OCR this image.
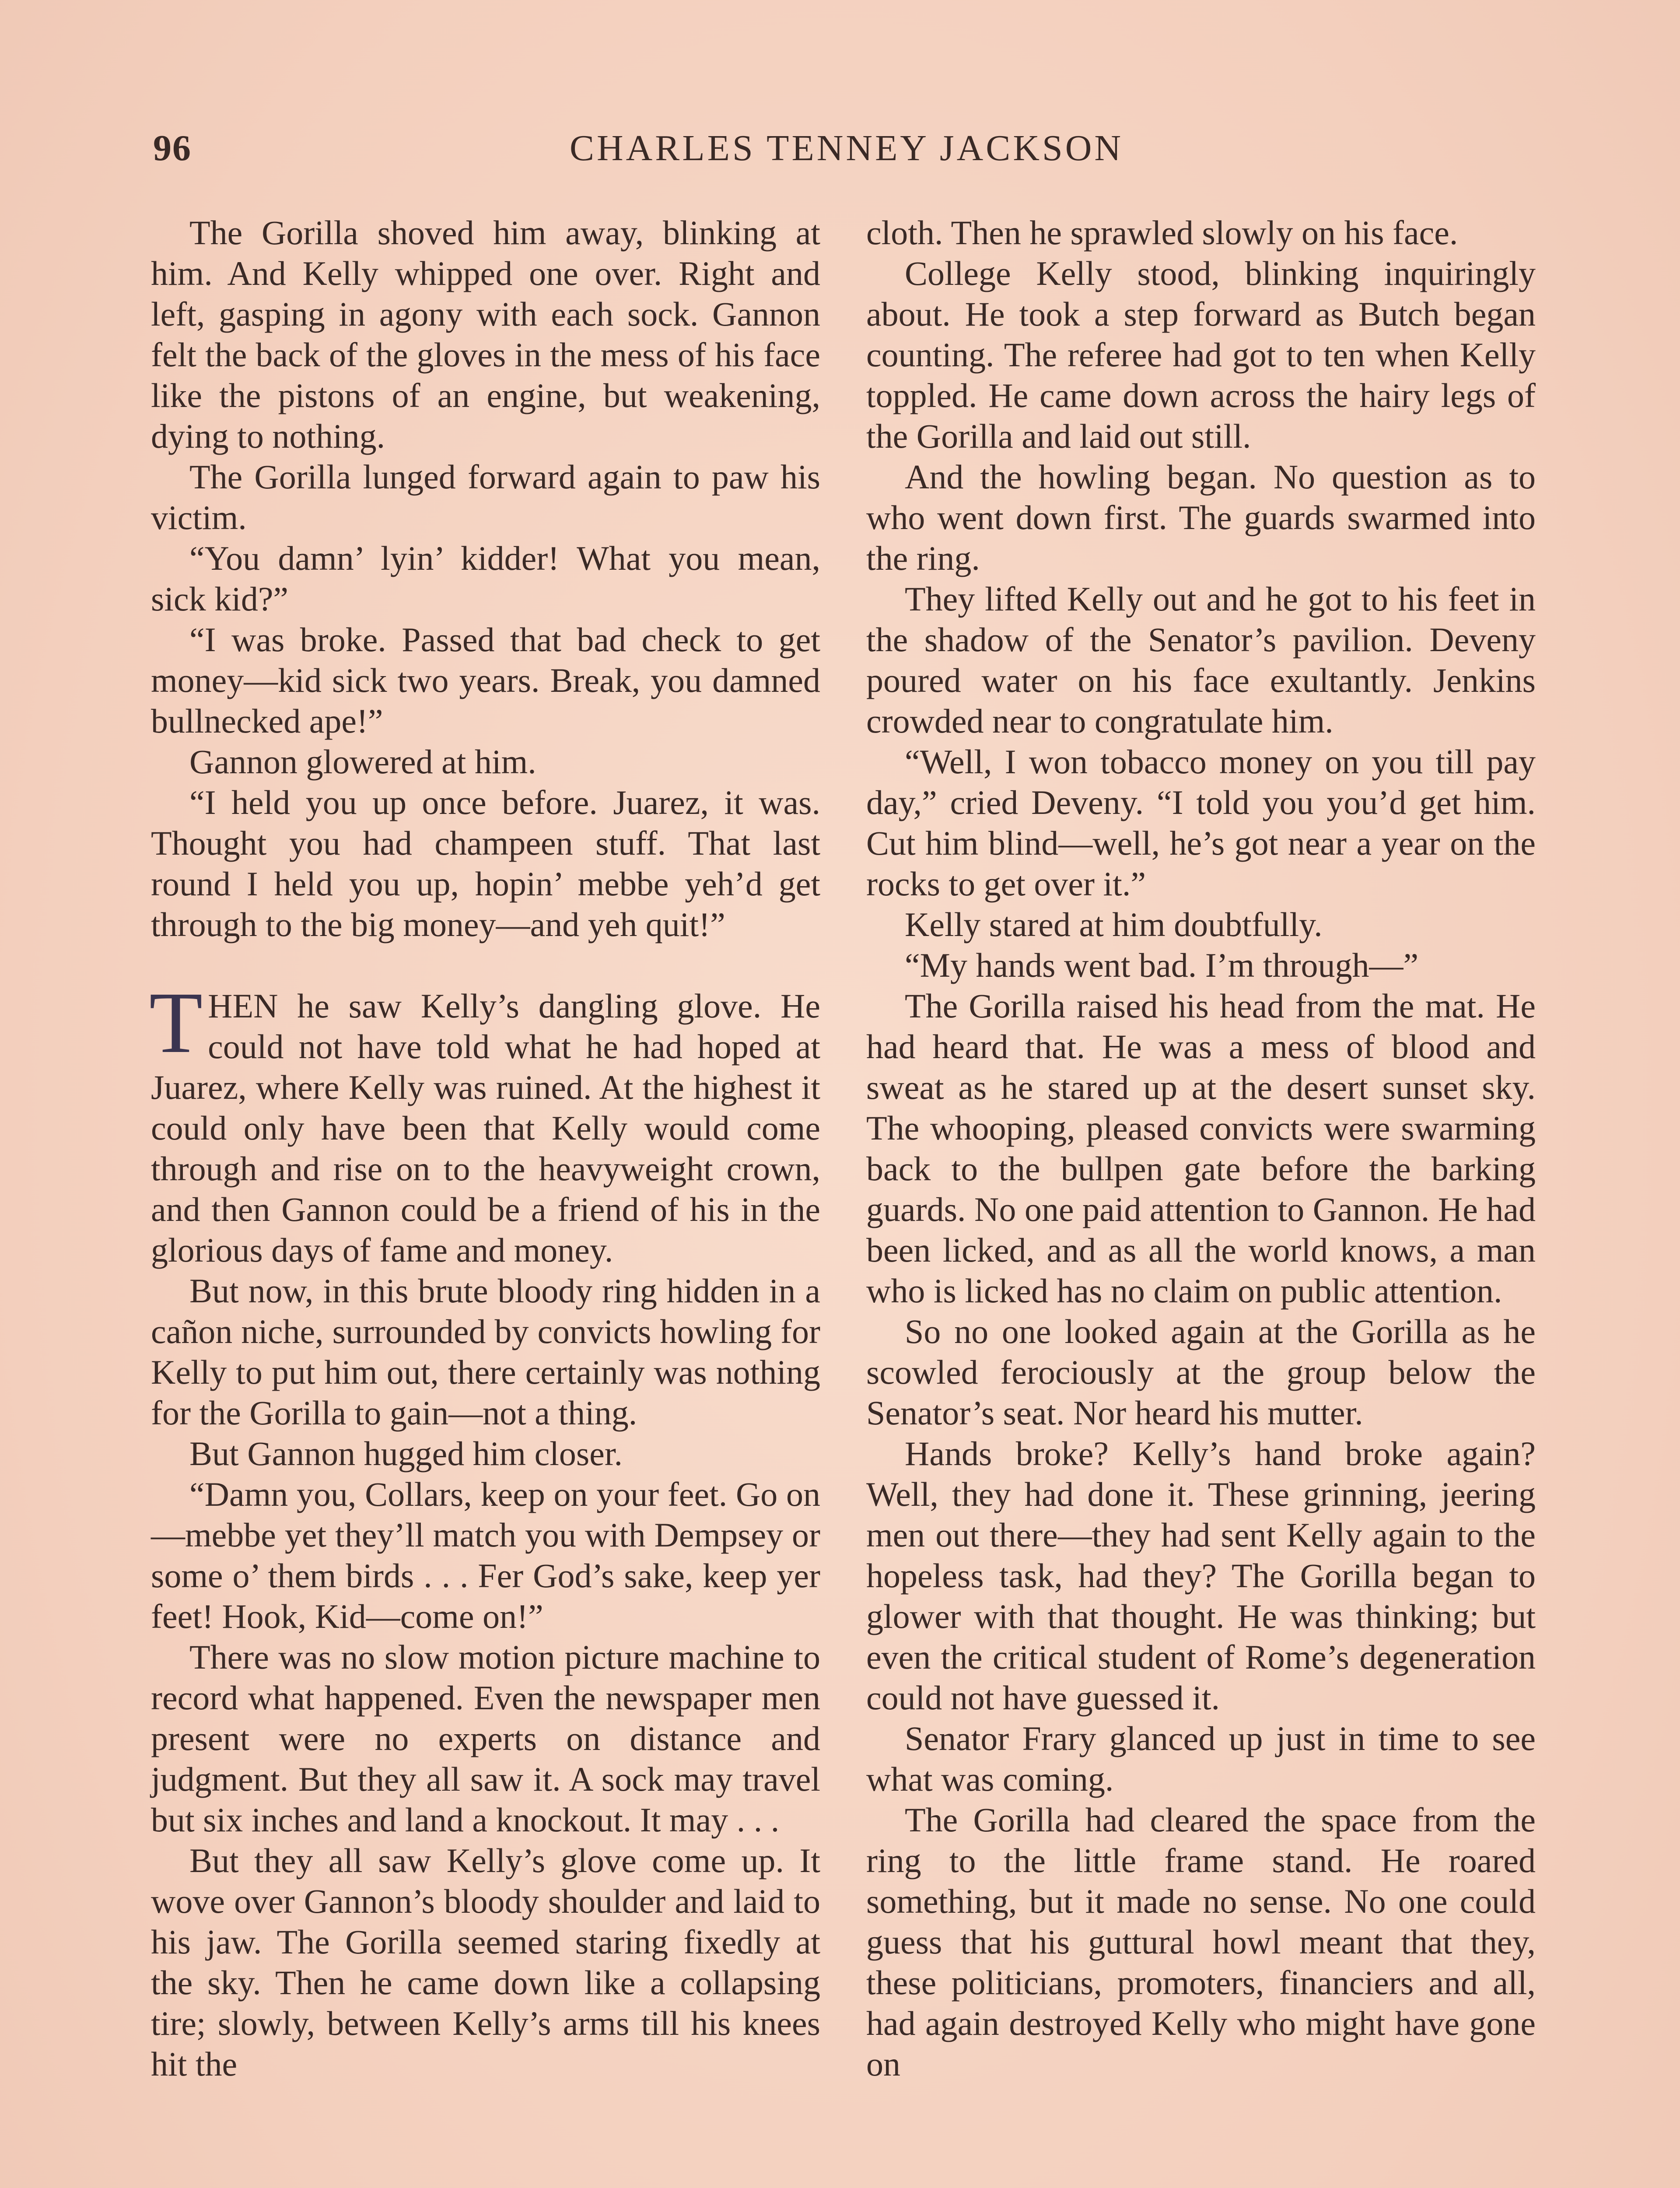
96	CHARLES TENNEY JACKSON

The Gorilla shoved him away, blinking at him. And Kelly whipped one over. Right and left, gasping in agony with each sock. Gannon felt the back of the gloves in the mess of his face like the pistons of an engine, but weakening, dying to nothing.

The Gorilla lunged forward again to paw his victim.

“You damn’ lyin’ kidder! What you mean, sick kid?”

“I was broke. Passed that bad check to get money—kid sick two years. Break, you damned bullnecked ape!”

Gannon glowered at him.

“I held you up once before. Juarez, it was. Thought you had champeen stuff. That last round I held you up, hopin’ mebbe yeh’d get through to the big money—and yeh quit!”

THEN he saw Kelly’s dangling glove. He could not have told what he had hoped at Juarez, where Kelly was ruined. At the highest it could only have been that Kelly would come through and rise on to the heavyweight crown, and then Gannon could be a friend of his in the glorious days of fame and money.

But now, in this brute bloody ring hidden in a cañon niche, surrounded by convicts howling for Kelly to put him out, there certainly was nothing for the Gorilla to gain—not a thing.

But Gannon hugged him closer.

“Damn you, Collars, keep on your feet. Go on—mebbe yet they’ll match you with Dempsey or some o’ them birds . . . Fer God’s sake, keep yer feet! Hook, Kid—come on!”

There was no slow motion picture machine to record what happened. Even the newspaper men present were no experts on distance and judgment. But they all saw it. A sock may travel but six inches and land a knockout. It may . . .

But they all saw Kelly’s glove come up. It wove over Gannon’s bloody shoulder and laid to his jaw. The Gorilla seemed staring fixedly at the sky. Then he came down like a collapsing tire; slowly, between Kelly’s arms till his knees hit the

cloth. Then he sprawled slowly on his face.

College Kelly stood, blinking inquiringly about. He took a step forward as Butch began counting. The referee had got to ten when Kelly toppled. He came down across the hairy legs of the Gorilla and laid out still.

And the howling began. No question as to who went down first. The guards swarmed into the ring.

They lifted Kelly out and he got to his feet in the shadow of the Senator’s pavilion. Deveny poured water on his face exultantly. Jenkins crowded near to congratulate him.

“Well, I won tobacco money on you till pay day,” cried Deveny. “I told you you’d get him. Cut him blind—well, he’s got near a year on the rocks to get over it.”

Kelly stared at him doubtfully.

“My hands went bad. I’m through—”

The Gorilla raised his head from the mat. He had heard that. He was a mess of blood and sweat as he stared up at the desert sunset sky. The whooping, pleased convicts were swarming back to the bullpen gate before the barking guards. No one paid attention to Gannon. He had been licked, and as all the world knows, a man who is licked has no claim on public attention.

So no one looked again at the Gorilla as he scowled ferociously at the group below the Senator’s seat. Nor heard his mutter.

Hands broke? Kelly’s hand broke again? Well, they had done it. These grinning, jeering men out there—they had sent Kelly again to the hopeless task, had they? The Gorilla began to glower with that thought. He was thinking; but even the critical student of Rome’s degeneration could not have guessed it.

Senator Frary glanced up just in time to see what was coming.

The Gorilla had cleared the space from the ring to the little frame stand. He roared something, but it made no sense. No one could guess that his guttural howl meant that they, these politicians, promoters, financiers and all, had again destroyed Kelly who might have gone on
